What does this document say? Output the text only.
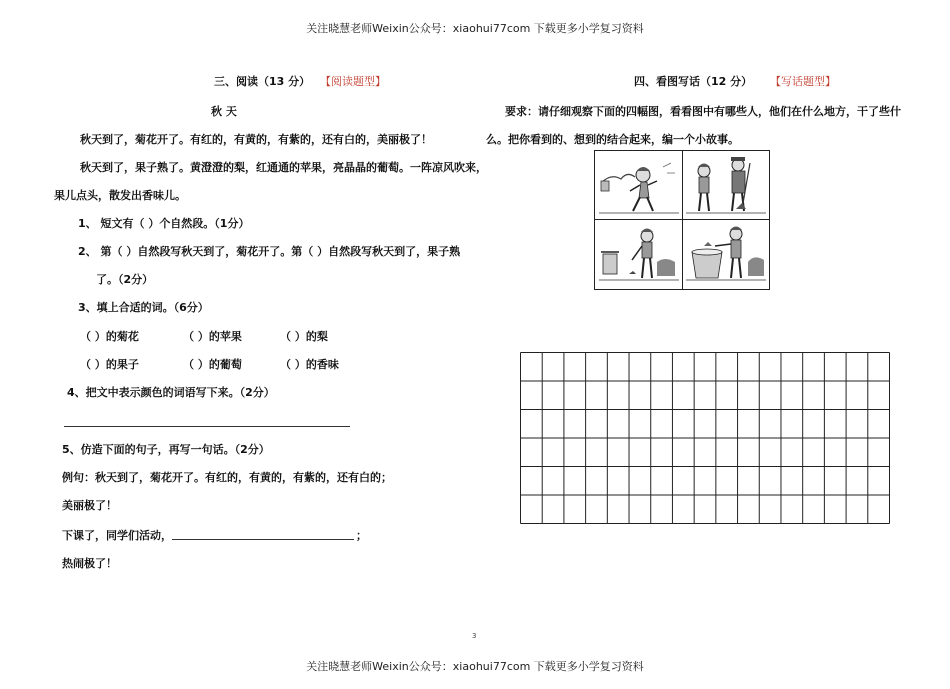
关注晓慧老师Weixin公众号：xiaohui77com 下载更多小学复习资料
三、阅读（13 分） 【阅读题型】
秋 天
秋天到了，菊花开了。有红的，有黄的，有紫的，还有白的，美丽极了！
秋天到了，果子熟了。黄澄澄的梨，红通通的苹果，亮晶晶的葡萄。一阵凉风吹来，
果儿点头，散发出香味儿。
1、 短文有（ ）个自然段。（1分）
2、 第（ ）自然段写秋天到了，菊花开了。第（ ）自然段写秋天到了，果子熟
了。（2分）
3、填上合适的词。（6分）
（ ）的菊花	（ ）的苹果	（ ）的梨
（ ）的果子	（ ）的葡萄	（ ）的香味
4、把文中表示颜色的词语写下来。（2分）
5、仿造下面的句子，再写一句话。（2分）
例句：秋天到了，菊花开了。有红的，有黄的，有紫的，还有白的；
美丽极了！
下课了，同学们活动，	；
热闹极了！
四、看图写话（12 分） 【写话题型】
要求：请仔细观察下面的四幅图，看看图中有哪些人，他们在什么地方，干了些什
么。把你看到的、想到的结合起来，编一个小故事。
3
关注晓慧老师Weixin公众号：xiaohui77com 下载更多小学复习资料
